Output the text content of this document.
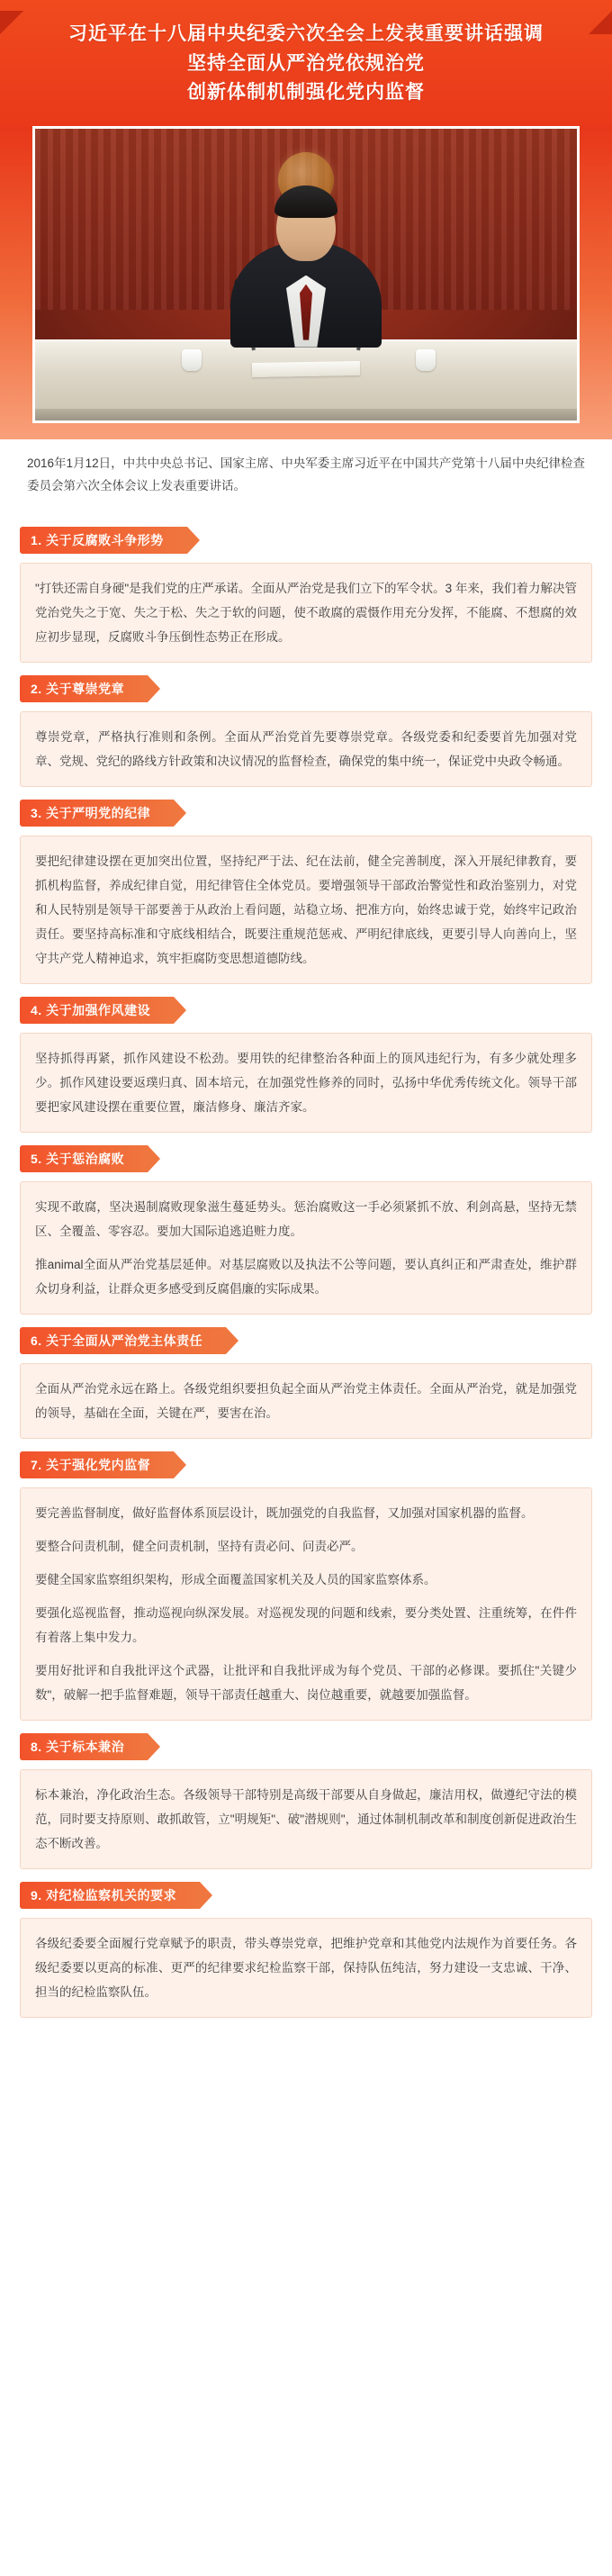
习近平在十八届中央纪委六次全会上发表重要讲话强调
坚持全面从严治党依规治党
创新体制机制强化党内监督
2016年1月12日，中共中央总书记、国家主席、中央军委主席习近平在中国共产党第十八届中央纪律检查委员会第六次全体会议上发表重要讲话。
1. 关于反腐败斗争形势

"打铁还需自身硬"是我们党的庄严承诺。全面从严治党是我们立下的军令状。3 年来，我们着力解决管党治党失之于宽、失之于松、失之于软的问题，使不敢腐的震慑作用充分发挥，不能腐、不想腐的效应初步显现，反腐败斗争压倒性态势正在形成。

2. 关于尊崇党章

尊崇党章，严格执行准则和条例。全面从严治党首先要尊崇党章。各级党委和纪委要首先加强对党章、党规、党纪的路线方针政策和决议情况的监督检查，确保党的集中统一，保证党中央政令畅通。

3. 关于严明党的纪律

要把纪律建设摆在更加突出位置，坚持纪严于法、纪在法前，健全完善制度，深入开展纪律教育，要抓机构监督，养成纪律自觉，用纪律管住全体党员。要增强领导干部政治警觉性和政治鉴别力，对党和人民特别是领导干部要善于从政治上看问题，站稳立场、把准方向，始终忠诚于党，始终牢记政治责任。要坚持高标准和守底线相结合，既要注重规范惩戒、严明纪律底线，更要引导人向善向上，坚守共产党人精神追求，筑牢拒腐防变思想道德防线。

4. 关于加强作风建设

坚持抓得再紧，抓作风建设不松劲。要用铁的纪律整治各种面上的顶风违纪行为，有多少就处理多少。抓作风建设要返璞归真、固本培元，在加强党性修养的同时，弘扬中华优秀传统文化。领导干部要把家风建设摆在重要位置，廉洁修身、廉洁齐家。

5. 关于惩治腐败

实现不敢腐，坚决遏制腐败现象滋生蔓延势头。惩治腐败这一手必须紧抓不放、利剑高悬，坚持无禁区、全覆盖、零容忍。要加大国际追逃追赃力度。

推animal全面从严治党基层延伸。对基层腐败以及执法不公等问题，要认真纠正和严肃查处，维护群众切身利益，让群众更多感受到反腐倡廉的实际成果。

6. 关于全面从严治党主体责任

全面从严治党永远在路上。各级党组织要担负起全面从严治党主体责任。全面从严治党，就是加强党的领导，基础在全面，关键在严，要害在治。

7. 关于强化党内监督

要完善监督制度，做好监督体系顶层设计，既加强党的自我监督，又加强对国家机器的监督。

要整合问责机制，健全问责机制，坚持有责必问、问责必严。

要健全国家监察组织架构，形成全面覆盖国家机关及人员的国家监察体系。

要强化巡视监督，推动巡视向纵深发展。对巡视发现的问题和线索，要分类处置、注重统筹，在件件有着落上集中发力。

要用好批评和自我批评这个武器，让批评和自我批评成为每个党员、干部的必修课。要抓住"关键少数"，破解一把手监督难题，领导干部责任越重大、岗位越重要，就越要加强监督。

8. 关于标本兼治

标本兼治，净化政治生态。各级领导干部特别是高级干部要从自身做起，廉洁用权，做遵纪守法的模范，同时要支持原则、敢抓敢管，立"明规矩"、破"潜规则"，通过体制机制改革和制度创新促进政治生态不断改善。

9. 对纪检监察机关的要求

各级纪委要全面履行党章赋予的职责，带头尊崇党章，把维护党章和其他党内法规作为首要任务。各级纪委要以更高的标准、更严的纪律要求纪检监察干部，保持队伍纯洁，努力建设一支忠诚、干净、担当的纪检监察队伍。
